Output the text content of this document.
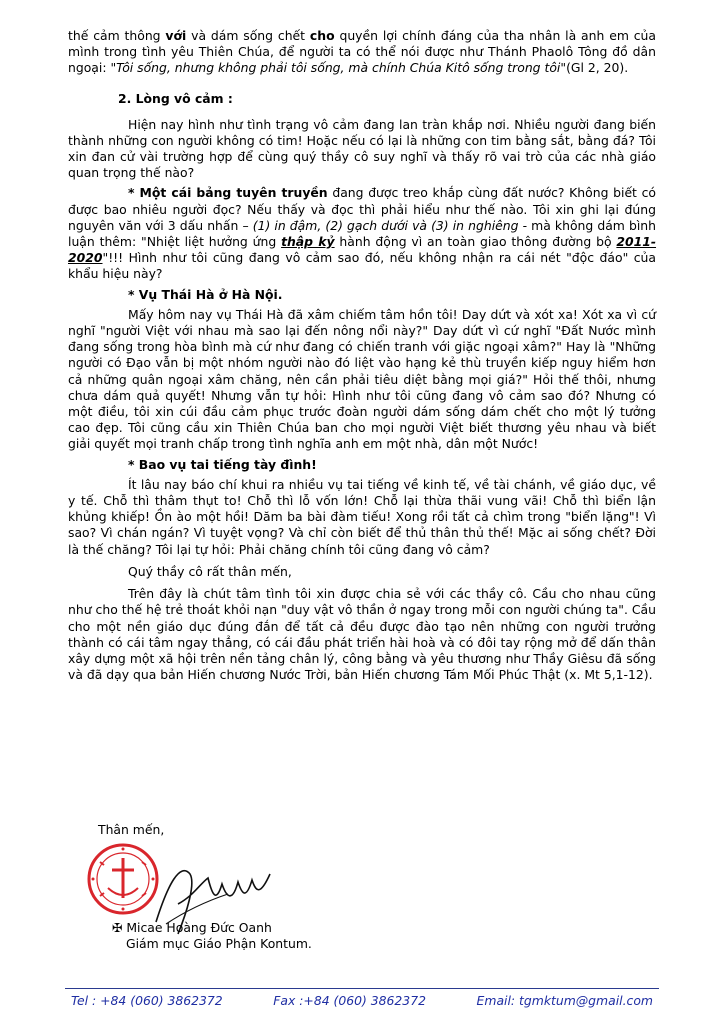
thế cảm thông với và dám sống chết cho quyền lợi chính đáng của tha nhân là anh em của mình trong tình yêu Thiên Chúa, để người ta có thể nói được như Thánh Phaolô Tông đồ dân ngoại: "Tôi sống, nhưng không phải tôi sống, mà chính Chúa Kitô sống trong tôi"(Gl 2, 20).

2. Lòng vô cảm :

Hiện nay hình như tình trạng vô cảm đang lan tràn khắp nơi. Nhiều người đang biến thành những con người không có tim! Hoặc nếu có lại là những con tim bằng sắt, bằng đá? Tôi xin đan cử vài trường hợp để cùng quý thầy cô suy nghĩ và thấy rõ vai trò của các nhà giáo quan trọng thế nào?

* Một cái bảng tuyên truyền đang được treo khắp cùng đất nước? Không biết có được bao nhiêu người đọc? Nếu thấy và đọc thì phải hiểu như thế nào. Tôi xin ghi lại đúng nguyên văn với 3 dấu nhấn – (1) in đậm, (2) gạch dưới và (3) in nghiêng - mà không dám bình luận thêm: "Nhiệt liệt hưởng ứng thập kỷ hành động vì an toàn giao thông đường bộ 2011-2020"!!! Hình như tôi cũng đang vô cảm sao đó, nếu không nhận ra cái nét "độc đáo" của khẩu hiệu này?

* Vụ Thái Hà ở Hà Nội.

Mấy hôm nay vụ Thái Hà đã xâm chiếm tâm hồn tôi! Day dứt và xót xa! Xót xa vì cứ nghĩ "người Việt với nhau mà sao lại đến nông nổi này?" Day dứt vì cứ nghĩ "Đất Nước mình đang sống trong hòa bình mà cứ như đang có chiến tranh với giặc ngoại xâm?" Hay là "Những người có Đạo vẫn bị một nhóm người nào đó liệt vào hạng kẻ thù truyền kiếp nguy hiểm hơn cả những quân ngoại xâm chăng, nên cần phải tiêu diệt bằng mọi giá?" Hỏi thế thôi, nhưng chưa dám quả quyết! Nhưng vẫn tự hỏi: Hình như tôi cũng đang vô cảm sao đó? Nhưng có một điều, tôi xin cúi đầu cảm phục trước đoàn người dám sống dám chết cho một lý tưởng cao đẹp. Tôi cũng cầu xin Thiên Chúa ban cho mọi người Việt biết thương yêu nhau và biết giải quyết mọi tranh chấp trong tình nghĩa anh em một nhà, dân một Nước!

* Bao vụ tai tiếng tày đình!

Ít lâu nay báo chí khui ra nhiều vụ tai tiếng về kinh tế, về tài chánh, về giáo dục, về y tế. Chỗ thì thâm thụt to! Chỗ thì lỗ vốn lớn! Chỗ lại thừa thãi vung vãi! Chỗ thì biển lận khủng khiếp! Ồn ào một hồi! Dăm ba bài đàm tiếu! Xong rồi tất cả chìm trong "biển lặng"! Vì sao? Vì chán ngán? Vì tuyệt vọng? Và chỉ còn biết để thủ thân thủ thế! Mặc ai sống chết? Đời là thế chăng? Tôi lại tự hỏi: Phải chăng chính tôi cũng đang vô cảm?

Quý thầy cô rất thân mến,

Trên đây là chút tâm tình tôi xin được chia sẻ với các thầy cô. Cầu cho nhau cũng như cho thế hệ trẻ thoát khỏi nạn "duy vật vô thần ở ngay trong mỗi con người chúng ta". Cầu cho một nền giáo dục đúng đắn để tất cả đều được đào tạo nên những con người trưởng thành có cái tâm ngay thẳng, có cái đầu phát triển hài hoà và có đôi tay rộng mở để dấn thân xây dựng một xã hội trên nền tảng chân lý, công bằng và yêu thương như Thầy Giêsu đã sống và đã dạy qua bản Hiến chương Nước Trời, bản Hiến chương Tám Mối Phúc Thật (x. Mt 5,1-12).

Thân mến,
✠ Micae Hoàng Đức Oanh
Giám mục Giáo Phận Kontum.
Tel : +84 (060) 3862372	Fax :+84 (060) 3862372	Email: tgmktum@gmail.com
